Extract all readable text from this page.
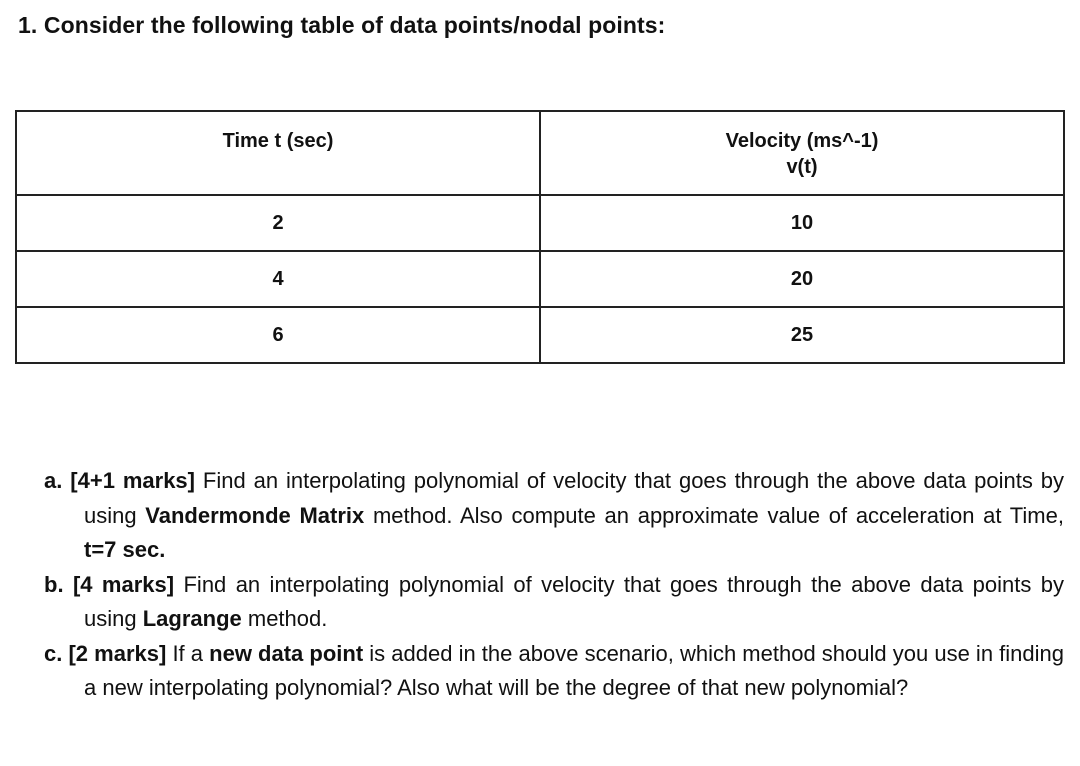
1. Consider the following table of data points/nodal points:
Time t (sec)	Velocity (ms^-1)
v(t)

2	10
4	20
6	25
a. [4+1 marks] Find an interpolating polynomial of velocity that goes through the above data points by using Vandermonde Matrix method. Also compute an approximate value of acceleration at Time, t=7 sec.
b. [4 marks] Find an interpolating polynomial of velocity that goes through the above data points by using Lagrange method.
c. [2 marks] If a new data point is added in the above scenario, which method should you use in finding a new interpolating polynomial? Also what will be the degree of that new polynomial?
